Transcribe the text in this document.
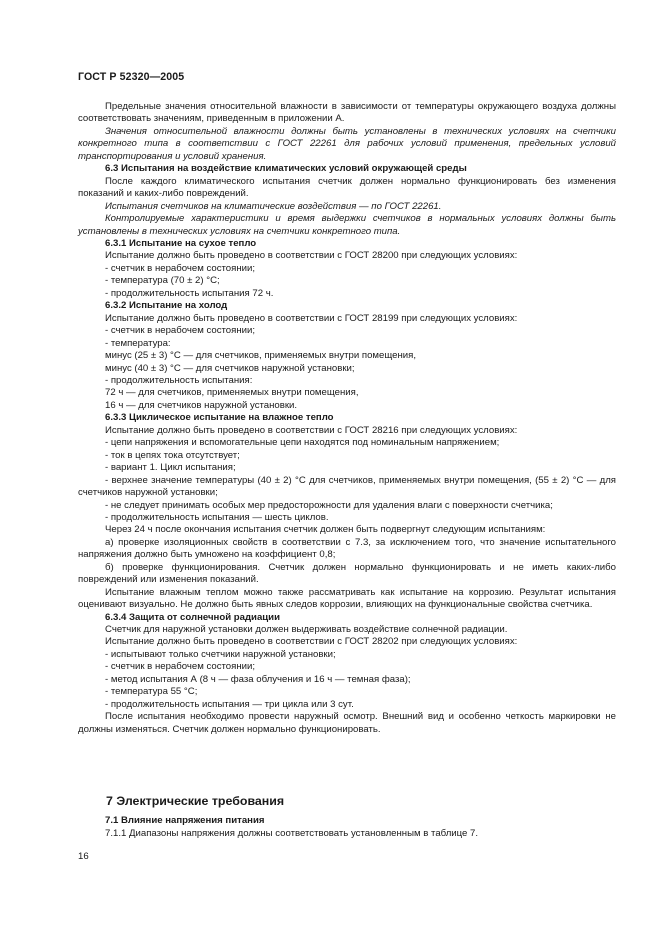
ГОСТ Р 52320—2005

Предельные значения относительной влажности в зависимости от температуры окружающего воздуха должны соответствовать значениям, приведенным в приложении А.

Значения относительной влажности должны быть установлены в технических условиях на счетчики конкретного типа в соответствии с ГОСТ 22261 для рабочих условий применения, предельных условий транспортирования и условий хранения.

6.3 Испытания на воздействие климатических условий окружающей среды

После каждого климатического испытания счетчик должен нормально функционировать без изменения показаний и каких-либо повреждений.

Испытания счетчиков на климатические воздействия — по ГОСТ 22261.

Контролируемые характеристики и время выдержки счетчиков в нормальных условиях должны быть установлены в технических условиях на счетчики конкретного типа.

6.3.1 Испытание на сухое тепло

Испытание должно быть проведено в соответствии с ГОСТ 28200 при следующих условиях:

- счетчик в нерабочем состоянии;

- температура (70 ± 2) °С;

- продолжительность испытания 72 ч.

6.3.2 Испытание на холод

Испытание должно быть проведено в соответствии с ГОСТ 28199 при следующих условиях:

- счетчик в нерабочем состоянии;

- температура:

минус (25 ± 3) °С — для счетчиков, применяемых внутри помещения,

минус (40 ± 3) °С — для счетчиков наружной установки;

- продолжительность испытания:

72 ч — для счетчиков, применяемых внутри помещения,

16 ч — для счетчиков наружной установки.

6.3.3 Циклическое испытание на влажное тепло

Испытание должно быть проведено в соответствии с ГОСТ 28216 при следующих условиях:

- цепи напряжения и вспомогательные цепи находятся под номинальным напряжением;

- ток в цепях тока отсутствует;

- вариант 1. Цикл испытания;

- верхнее значение температуры (40 ± 2) °С для счетчиков, применяемых внутри помещения, (55 ± 2) °С — для счетчиков наружной установки;

- не следует принимать особых мер предосторожности для удаления влаги с поверхности счетчика;

- продолжительность испытания — шесть циклов.

Через 24 ч после окончания испытания счетчик должен быть подвергнут следующим испытаниям:

а) проверке изоляционных свойств в соответствии с 7.3, за исключением того, что значение испытательного напряжения должно быть умножено на коэффициент 0,8;

б) проверке функционирования. Счетчик должен нормально функционировать и не иметь каких-либо повреждений или изменения показаний.

Испытание влажным теплом можно также рассматривать как испытание на коррозию. Результат испытания оценивают визуально. Не должно быть явных следов коррозии, влияющих на функциональные свойства счетчика.

6.3.4 Защита от солнечной радиации

Счетчик для наружной установки должен выдерживать воздействие солнечной радиации.

Испытание должно быть проведено в соответствии с ГОСТ 28202 при следующих условиях:

- испытывают только счетчики наружной установки;

- счетчик в нерабочем состоянии;

- метод испытания А (8 ч — фаза облучения и 16 ч — темная фаза);

- температура 55 °С;

- продолжительность испытания — три цикла или 3 сут.

После испытания необходимо провести наружный осмотр. Внешний вид и особенно четкость маркировки не должны изменяться. Счетчик должен нормально функционировать.

7 Электрические требования

7.1 Влияние напряжения питания

7.1.1 Диапазоны напряжения должны соответствовать установленным в таблице 7.

16
